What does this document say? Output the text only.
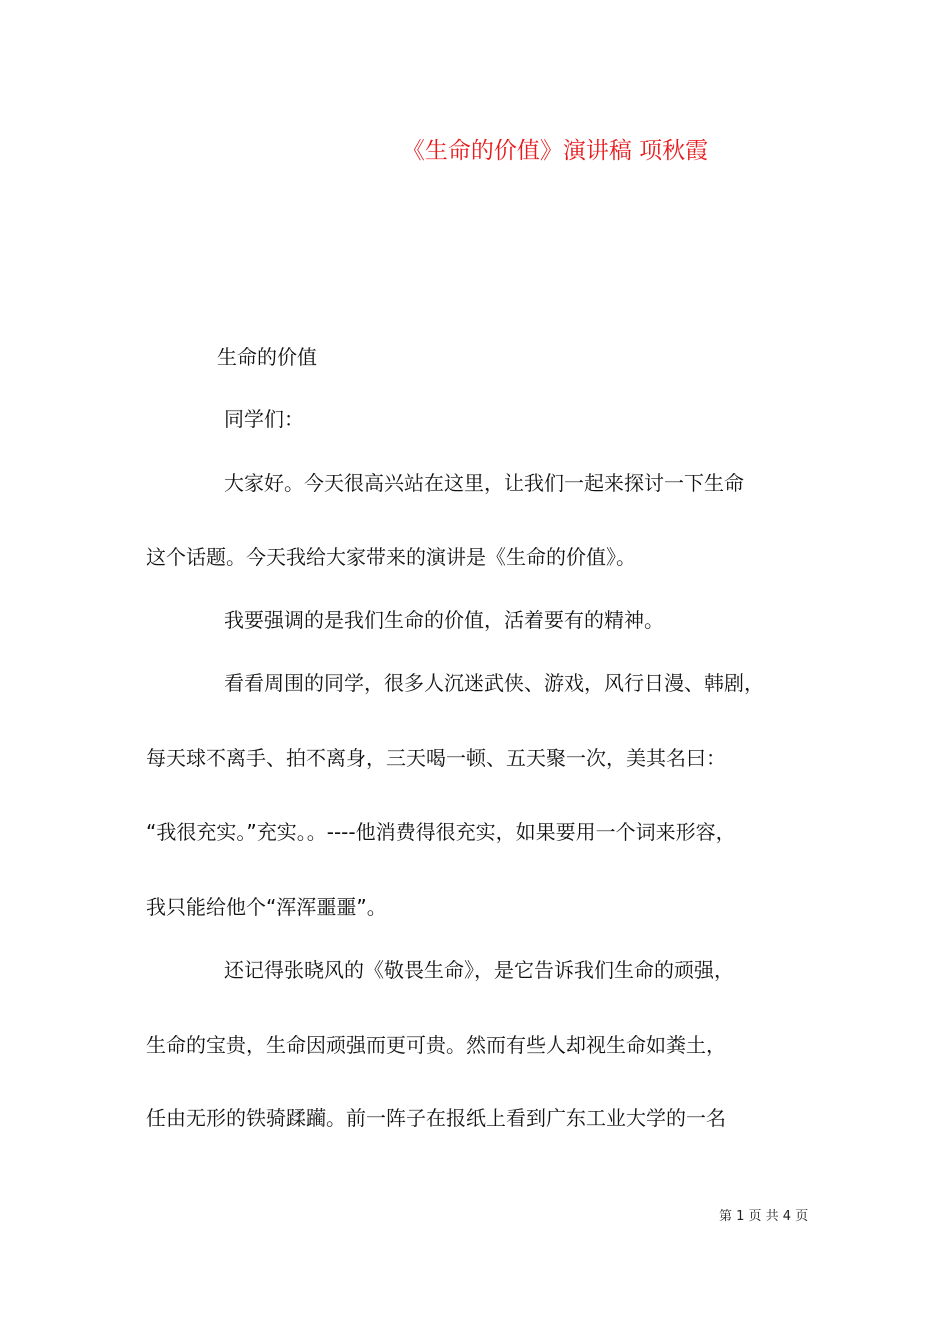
《生命的价值》演讲稿 项秋霞
生命的价值
同学们：
大家好。今天很高兴站在这里，让我们一起来探讨一下生命
这个话题。今天我给大家带来的演讲是《生命的价值》。
我要强调的是我们生命的价值，活着要有的精神。
看看周围的同学，很多人沉迷武侠、游戏，风行日漫、韩剧，
每天球不离手、拍不离身，三天喝一顿、五天聚一次，美其名曰：
“我很充实。”充实。。----他消费得很充实，如果要用一个词来形容，
我只能给他个“浑浑噩噩”。
还记得张晓风的《敬畏生命》，是它告诉我们生命的顽强，
生命的宝贵，生命因顽强而更可贵。然而有些人却视生命如粪土，
任由无形的铁骑蹂躏。前一阵子在报纸上看到广东工业大学的一名
第 1 页 共 4 页
